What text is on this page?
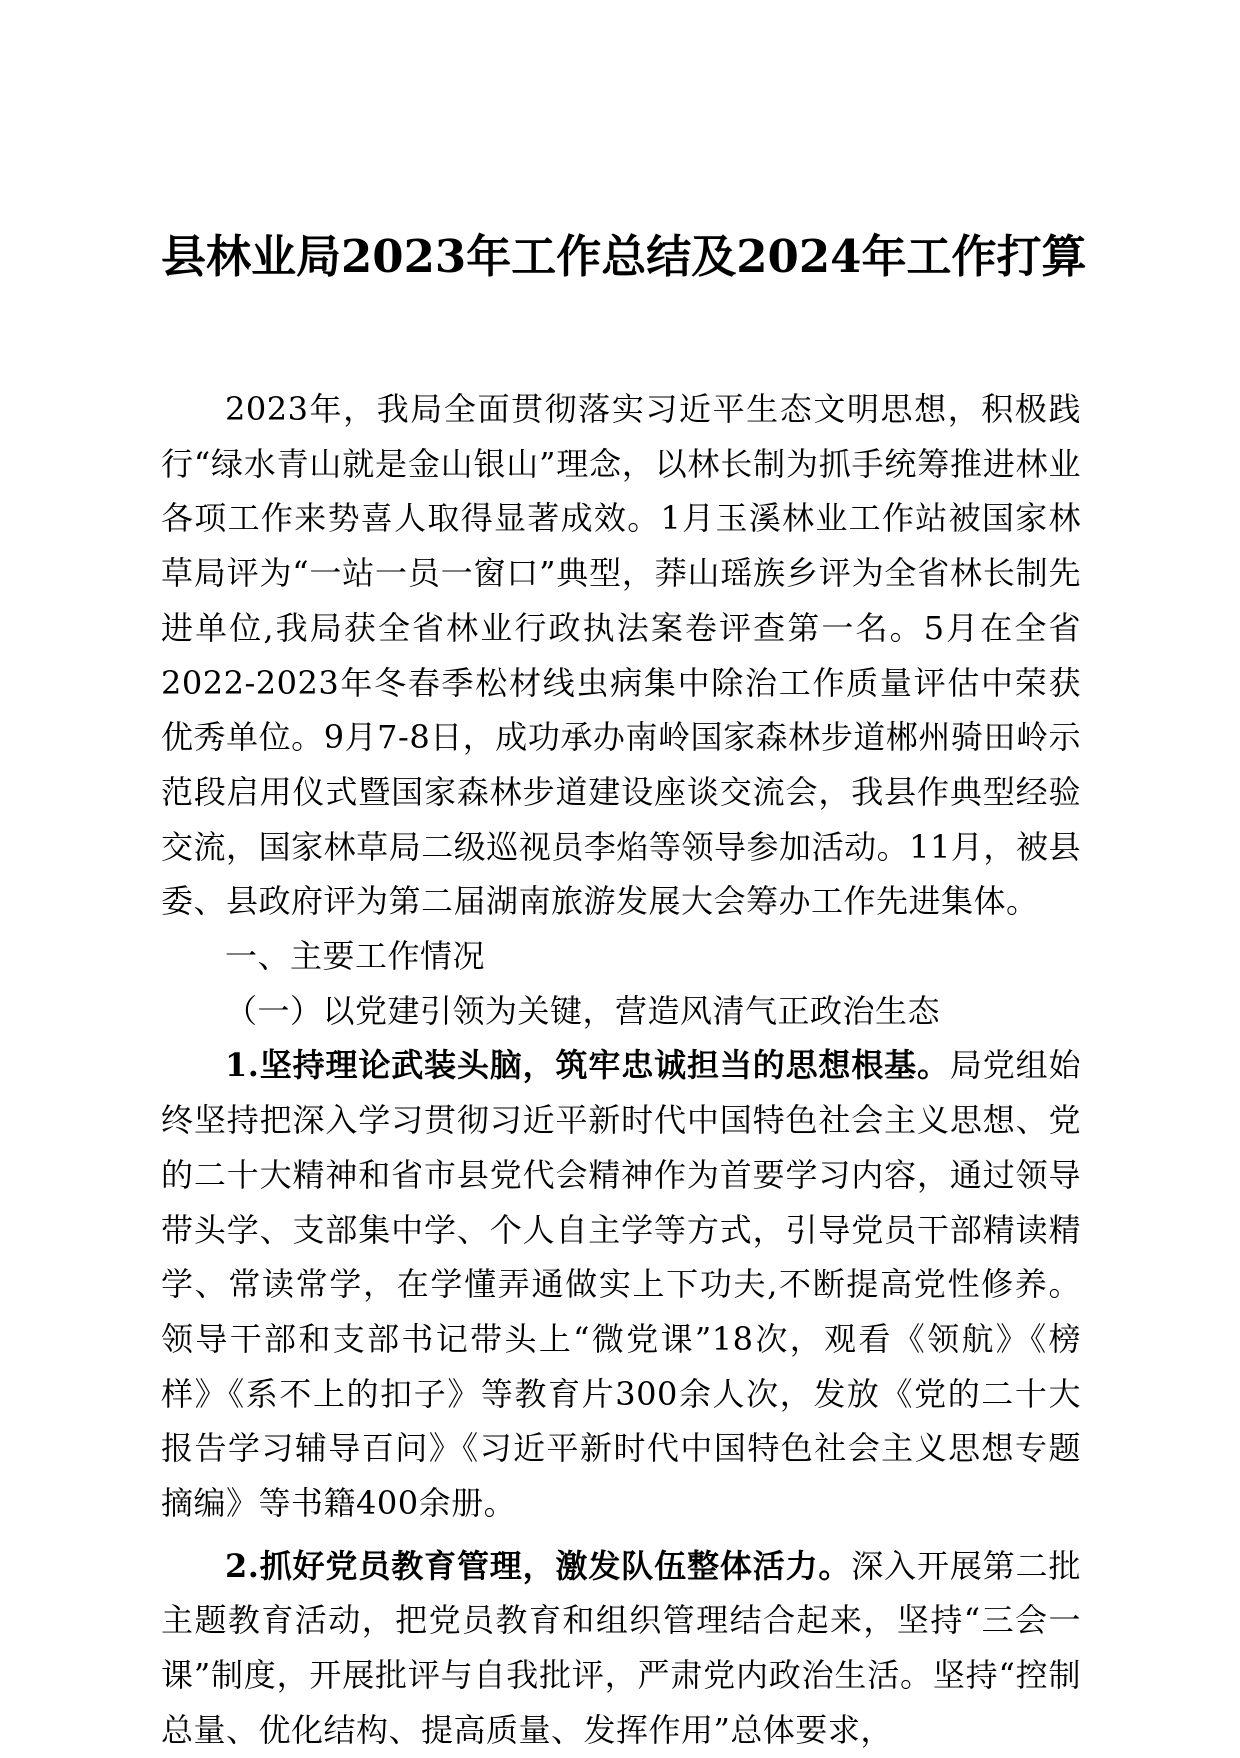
县林业局2023年工作总结及2024年工作打算

2023年，我局全面贯彻落实习近平生态文明思想，积极践行“绿水青山就是金山银山”理念，以林长制为抓手统筹推进林业各项工作来势喜人取得显著成效。1月玉溪林业工作站被国家林草局评为“一站一员一窗口”典型，莽山瑶族乡评为全省林长制先进单位,我局获全省林业行政执法案卷评查第一名。5月在全省2022-2023年冬春季松材线虫病集中除治工作质量评估中荣获优秀单位。9月7-8日，成功承办南岭国家森林步道郴州骑田岭示范段启用仪式暨国家森林步道建设座谈交流会，我县作典型经验交流，国家林草局二级巡视员李焰等领导参加活动。11月，被县委、县政府评为第二届湖南旅游发展大会筹办工作先进集体。

一、主要工作情况

（一）以党建引领为关键，营造风清气正政治生态

1.坚持理论武装头脑，筑牢忠诚担当的思想根基。局党组始终坚持把深入学习贯彻习近平新时代中国特色社会主义思想、党的二十大精神和省市县党代会精神作为首要学习内容，通过领导带头学、支部集中学、个人自主学等方式，引导党员干部精读精学、常读常学，在学懂弄通做实上下功夫,不断提高党性修养。领导干部和支部书记带头上“微党课”18次，观看《领航》《榜样》《系不上的扣子》等教育片300余人次，发放《党的二十大报告学习辅导百问》《习近平新时代中国特色社会主义思想专题摘编》等书籍400余册。

2.抓好党员教育管理，激发队伍整体活力。深入开展第二批主题教育活动，把党员教育和组织管理结合起来，坚持“三会一课”制度，开展批评与自我批评，严肃党内政治生活。坚持“控制总量、优化结构、提高质量、发挥作用”总体要求，
